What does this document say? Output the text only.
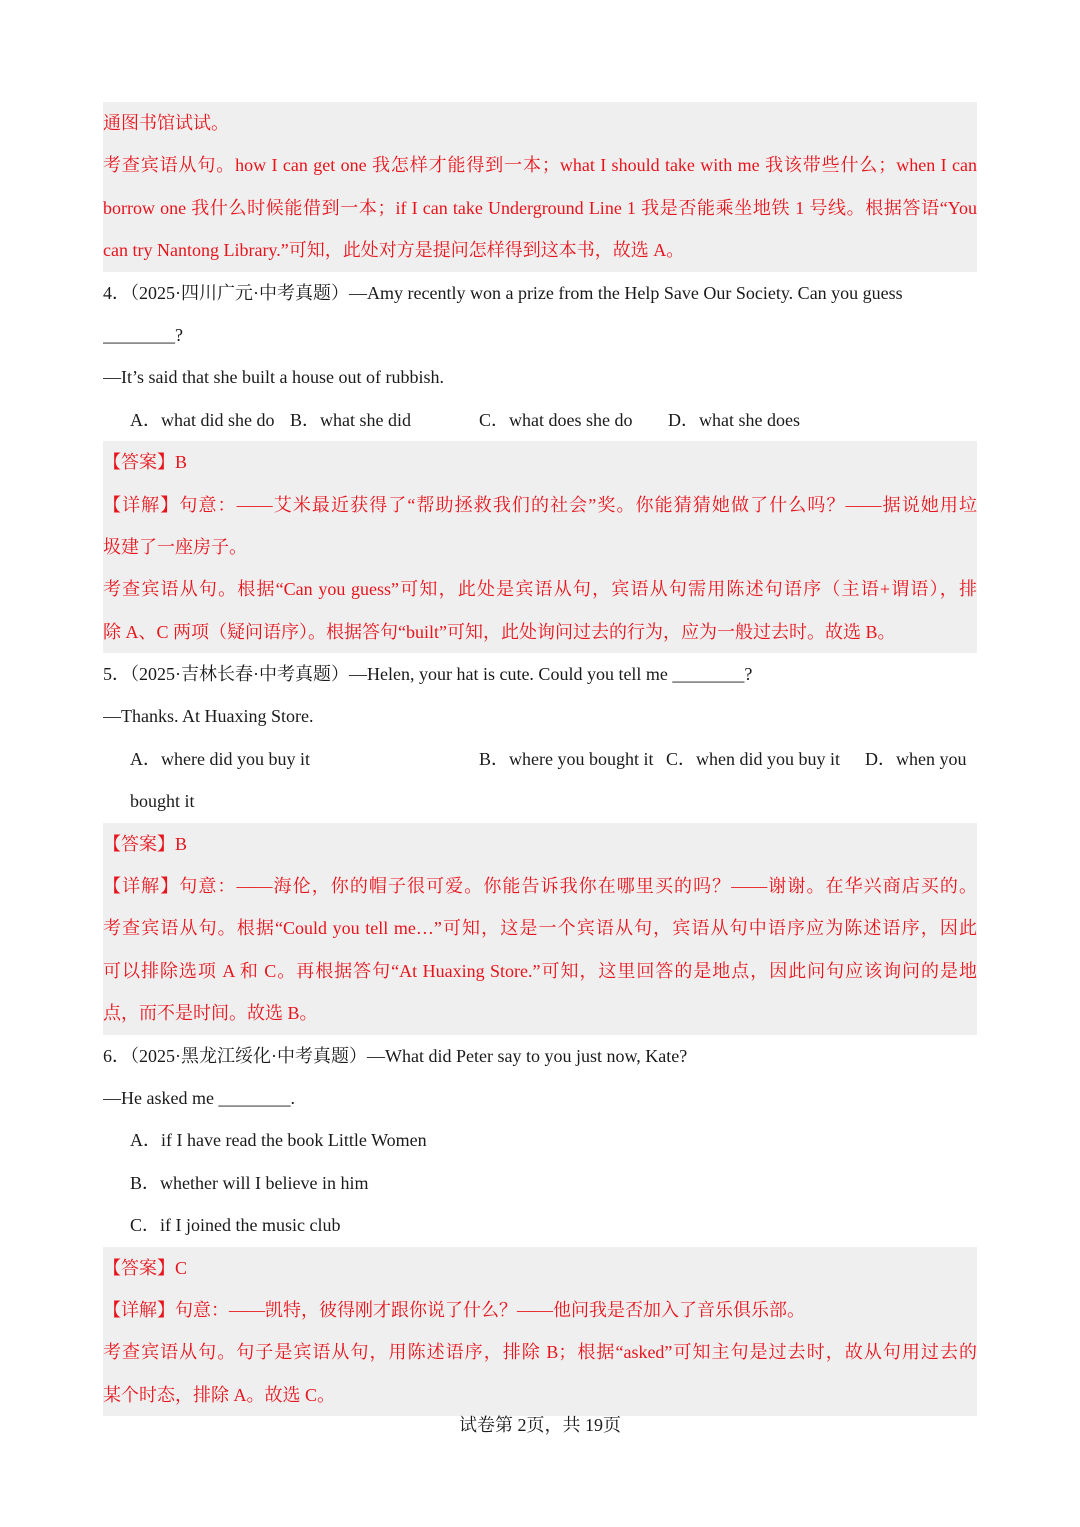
通图书馆试试。
考查宾语从句。how I can get one 我怎样才能得到一本；what I should take with me 我该带些什么；when I can
borrow one 我什么时候能借到一本；if I can take Underground Line 1 我是否能乘坐地铁 1 号线。根据答语“You
can try Nantong Library.”可知，此处对方是提问怎样得到这本书，故选 A。
4．（2025·四川广元·中考真题）—Amy recently won a prize from the Help Save Our Society. Can you guess
________?
—It’s said that she built a house out of rubbish.
A．what did she do B．what she did	C．what does she do D．what she does
【答案】B
【详解】句意：——艾米最近获得了“帮助拯救我们的社会”奖。你能猜猜她做了什么吗？——据说她用垃
圾建了一座房子。
考查宾语从句。根据“Can you guess”可知，此处是宾语从句，宾语从句需用陈述句语序（主语+谓语），排
除 A、C 两项（疑问语序）。根据答句“built”可知，此处询问过去的行为，应为一般过去时。故选 B。
5．（2025·吉林长春·中考真题）—Helen, your hat is cute. Could you tell me ________?
—Thanks. At Huaxing Store.
A．where did you buy it	B．where you bought it C．when did you buy it D．when you
bought it
【答案】B
【详解】句意：——海伦，你的帽子很可爱。你能告诉我你在哪里买的吗？——谢谢。在华兴商店买的。
考查宾语从句。根据“Could you tell me…”可知，这是一个宾语从句，宾语从句中语序应为陈述语序，因此
可以排除选项 A 和 C。再根据答句“At Huaxing Store.”可知，这里回答的是地点，因此问句应该询问的是地
点，而不是时间。故选 B。
6．（2025·黑龙江绥化·中考真题）—What did Peter say to you just now, Kate?
—He asked me ________.
A．if I have read the book Little Women
B．whether will I believe in him
C．if I joined the music club
【答案】C
【详解】句意：——凯特，彼得刚才跟你说了什么？——他问我是否加入了音乐俱乐部。
考查宾语从句。句子是宾语从句，用陈述语序，排除 B；根据“asked”可知主句是过去时，故从句用过去的
某个时态，排除 A。故选 C。
试卷第 2页，共 19页
